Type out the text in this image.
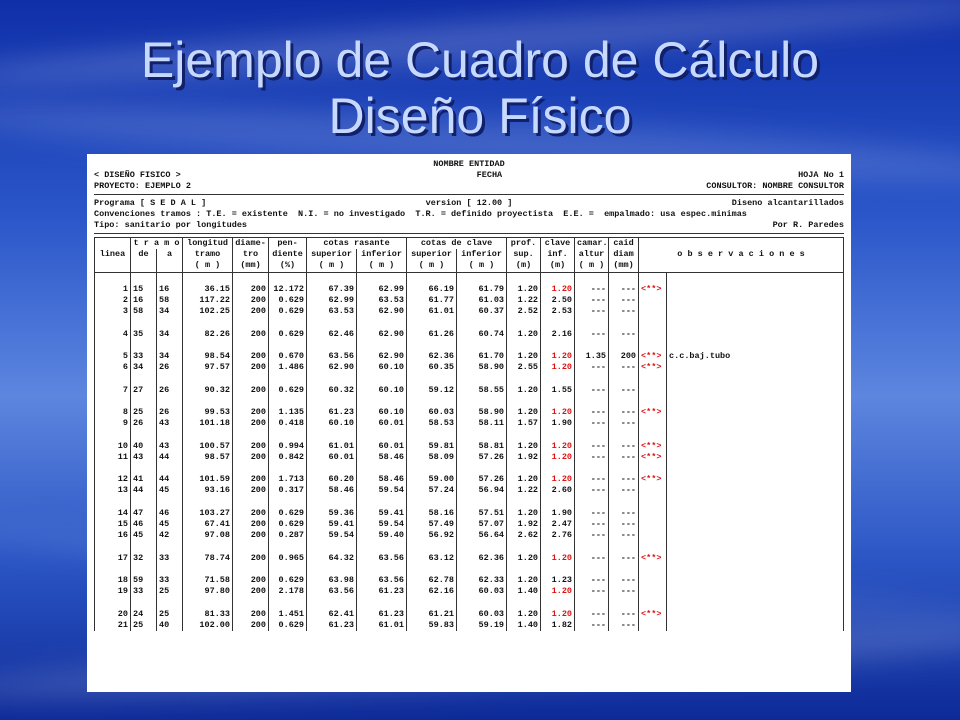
Ejemplo de Cuadro de Cálculo
Diseño Físico
NOMBRE ENTIDAD
< DISEÑO FISICO >	FECHA	HOJA No 1
PROYECTO: EJEMPLO 2	CONSULTOR: NOMBRE CONSULTOR
Programa [ S E D A L ]	version [ 12.00 ]	Diseno alcantarillados
Convenciones tramos : T.E. = existente  N.I. = no investigado  T.R. = definido proyectista  E.E. =  empalmado: usa espec.minimas
Tipo: sanitario por longitudes	Por R. Paredes
	t r a m o		longitud	diame-	pen-	cotas rasante		cotas de clave		prof.	clave	camar.	caid		
linea	de	a	tramo	tro	diente	superior	inferior	superior	inferior	sup.	inf.	altur	diam	o b s e r v a c i o n e s	
			( m )	(mm)	(%)	( m )	( m )	( m )	( m )	(m)	(m)	( m )	(mm)		

1	15	16	36.15	200	12.172	67.39	62.99	66.19	61.79	1.20	1.20	---	---	<**>	
2	16	58	117.22	200	0.629	62.99	63.53	61.77	61.03	1.22	2.50	---	---		
3	58	34	102.25	200	0.629	63.53	62.90	61.01	60.37	2.52	2.53	---	---		

4	35	34	82.26	200	0.629	62.46	62.90	61.26	60.74	1.20	2.16	---	---		

5	33	34	98.54	200	0.670	63.56	62.90	62.36	61.70	1.20	1.20	1.35	200	<**>	c.c.baj.tubo
6	34	26	97.57	200	1.486	62.90	60.10	60.35	58.90	2.55	1.20	---	---	<**>	

7	27	26	90.32	200	0.629	60.32	60.10	59.12	58.55	1.20	1.55	---	---		

8	25	26	99.53	200	1.135	61.23	60.10	60.03	58.90	1.20	1.20	---	---	<**>	
9	26	43	101.18	200	0.418	60.10	60.01	58.53	58.11	1.57	1.90	---	---		

10	40	43	100.57	200	0.994	61.01	60.01	59.81	58.81	1.20	1.20	---	---	<**>	
11	43	44	98.57	200	0.842	60.01	58.46	58.09	57.26	1.92	1.20	---	---	<**>	

12	41	44	101.59	200	1.713	60.20	58.46	59.00	57.26	1.20	1.20	---	---	<**>	
13	44	45	93.16	200	0.317	58.46	59.54	57.24	56.94	1.22	2.60	---	---		

14	47	46	103.27	200	0.629	59.36	59.41	58.16	57.51	1.20	1.90	---	---		
15	46	45	67.41	200	0.629	59.41	59.54	57.49	57.07	1.92	2.47	---	---		
16	45	42	97.08	200	0.287	59.54	59.40	56.92	56.64	2.62	2.76	---	---		

17	32	33	78.74	200	0.965	64.32	63.56	63.12	62.36	1.20	1.20	---	---	<**>	

18	59	33	71.58	200	0.629	63.98	63.56	62.78	62.33	1.20	1.23	---	---		
19	33	25	97.80	200	2.178	63.56	61.23	62.16	60.03	1.40	1.20	---	---		

20	24	25	81.33	200	1.451	62.41	61.23	61.21	60.03	1.20	1.20	---	---	<**>	
21	25	40	102.00	200	0.629	61.23	61.01	59.83	59.19	1.40	1.82	---	---		
